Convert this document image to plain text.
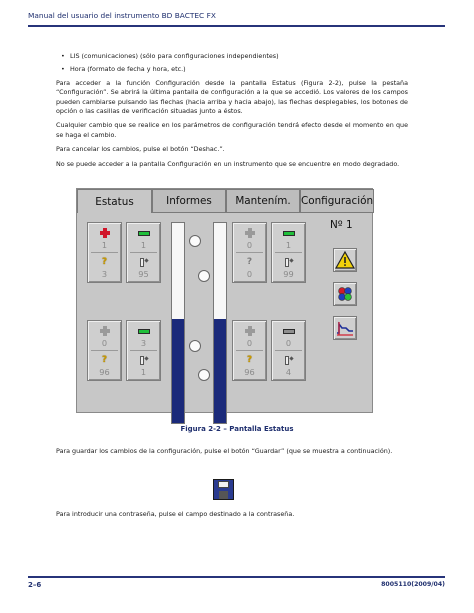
Manual del usuario del instrumento BD BACTEC FX
• LIS (comunicaciones) (sólo para configuraciones independientes)
• Hora (formato de fecha y hora, etc.)

Para acceder a la función Configuración desde la pantalla Estatus (Figura 2-2), pulse la pestaña “Configuración”. Se abrirá la última pantalla de configuración a la que se accedió. Los valores de los campos pueden cambiarse pulsando las flechas (hacia arriba y hacia abajo), las flechas desplegables, los botones de opción o las casillas de verificación situadas junto a éstos.

Cualquier cambio que se realice en los parámetros de configuración tendrá efecto desde el momento en que se haga el cambio.

Para cancelar los cambios, pulse el botón “Deshac.”.

No se puede acceder a la pantalla Configuración en un instrumento que se encuentre en modo degradado.

Estatus	Informes	Mantením. Configuración
1
?
3
1
95
0
?
0
1
99
0
?
96
3
1
0
?
96
0
4
Nº 1
Figura 2-2 – Pantalla Estatus

Para guardar los cambios de la configuración, pulse el botón “Guardar” (que se muestra a continuación).

Para introducir una contraseña, pulse el campo destinado a la contraseña.

2–6	8005110(2009/04)
